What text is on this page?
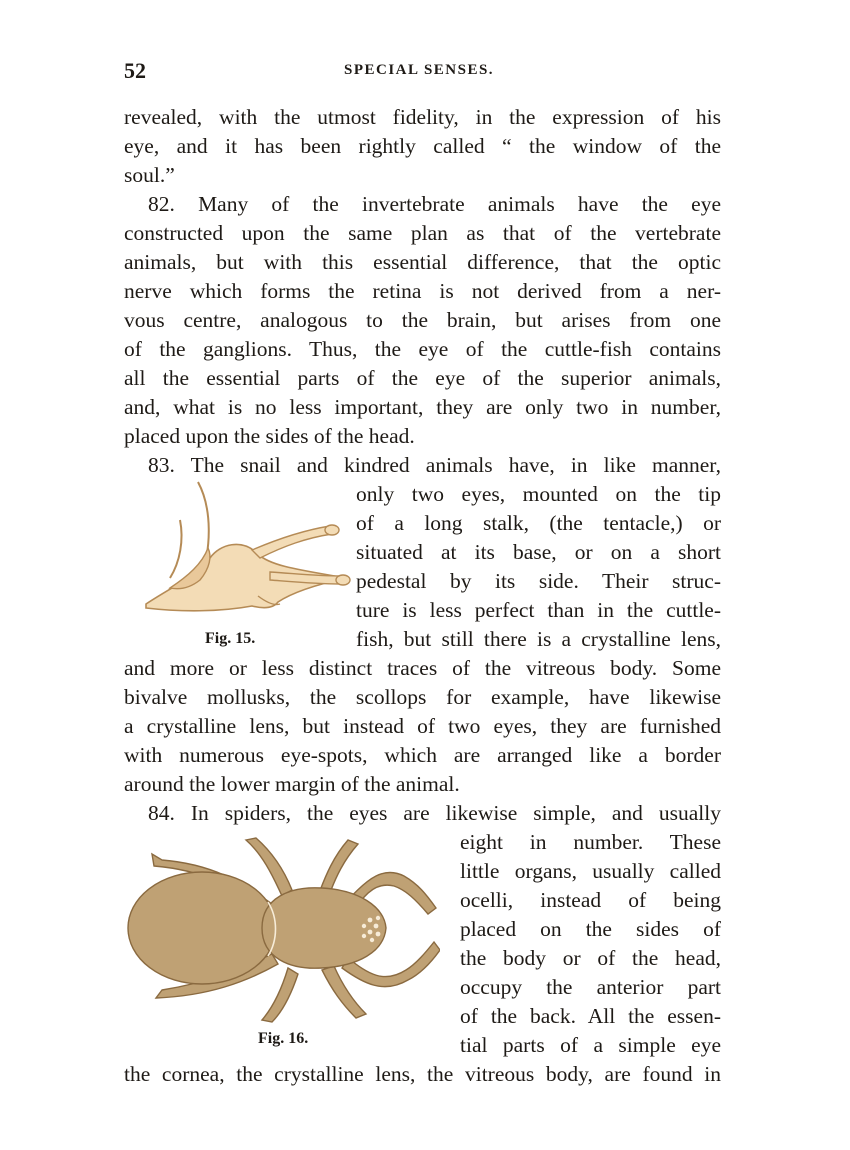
52	SPECIAL SENSES.
revealed, with the utmost fidelity, in the expression of his
eye, and it has been rightly called “ the window of the
soul.”
82. Many of the invertebrate animals have the eye
constructed upon the same plan as that of the vertebrate
animals, but with this essential difference, that the optic
nerve which forms the retina is not derived from a ner-
vous centre, analogous to the brain, but arises from one
of the ganglions. Thus, the eye of the cuttle-fish contains
all the essential parts of the eye of the superior animals,
and, what is no less important, they are only two in number,
placed upon the sides of the head.
83. The snail and kindred animals have, in like manner,
only two eyes, mounted on the tip
of a long stalk, (the tentacle,) or
situated at its base, or on a short
pedestal by its side. Their struc-
ture is less perfect than in the cuttle-
fish, but still there is a crystalline lens,
and more or less distinct traces of the vitreous body. Some
bivalve mollusks, the scollops for example, have likewise
a crystalline lens, but instead of two eyes, they are furnished
with numerous eye-spots, which are arranged like a border
around the lower margin of the animal.
84. In spiders, the eyes are likewise simple, and usually
eight in number. These
little organs, usually called
ocelli, instead of being
placed on the sides of
the body or of the head,
occupy the anterior part
of the back. All the essen-
tial parts of a simple eye
the cornea, the crystalline lens, the vitreous body, are found in
Fig. 15.
Fig. 16.
